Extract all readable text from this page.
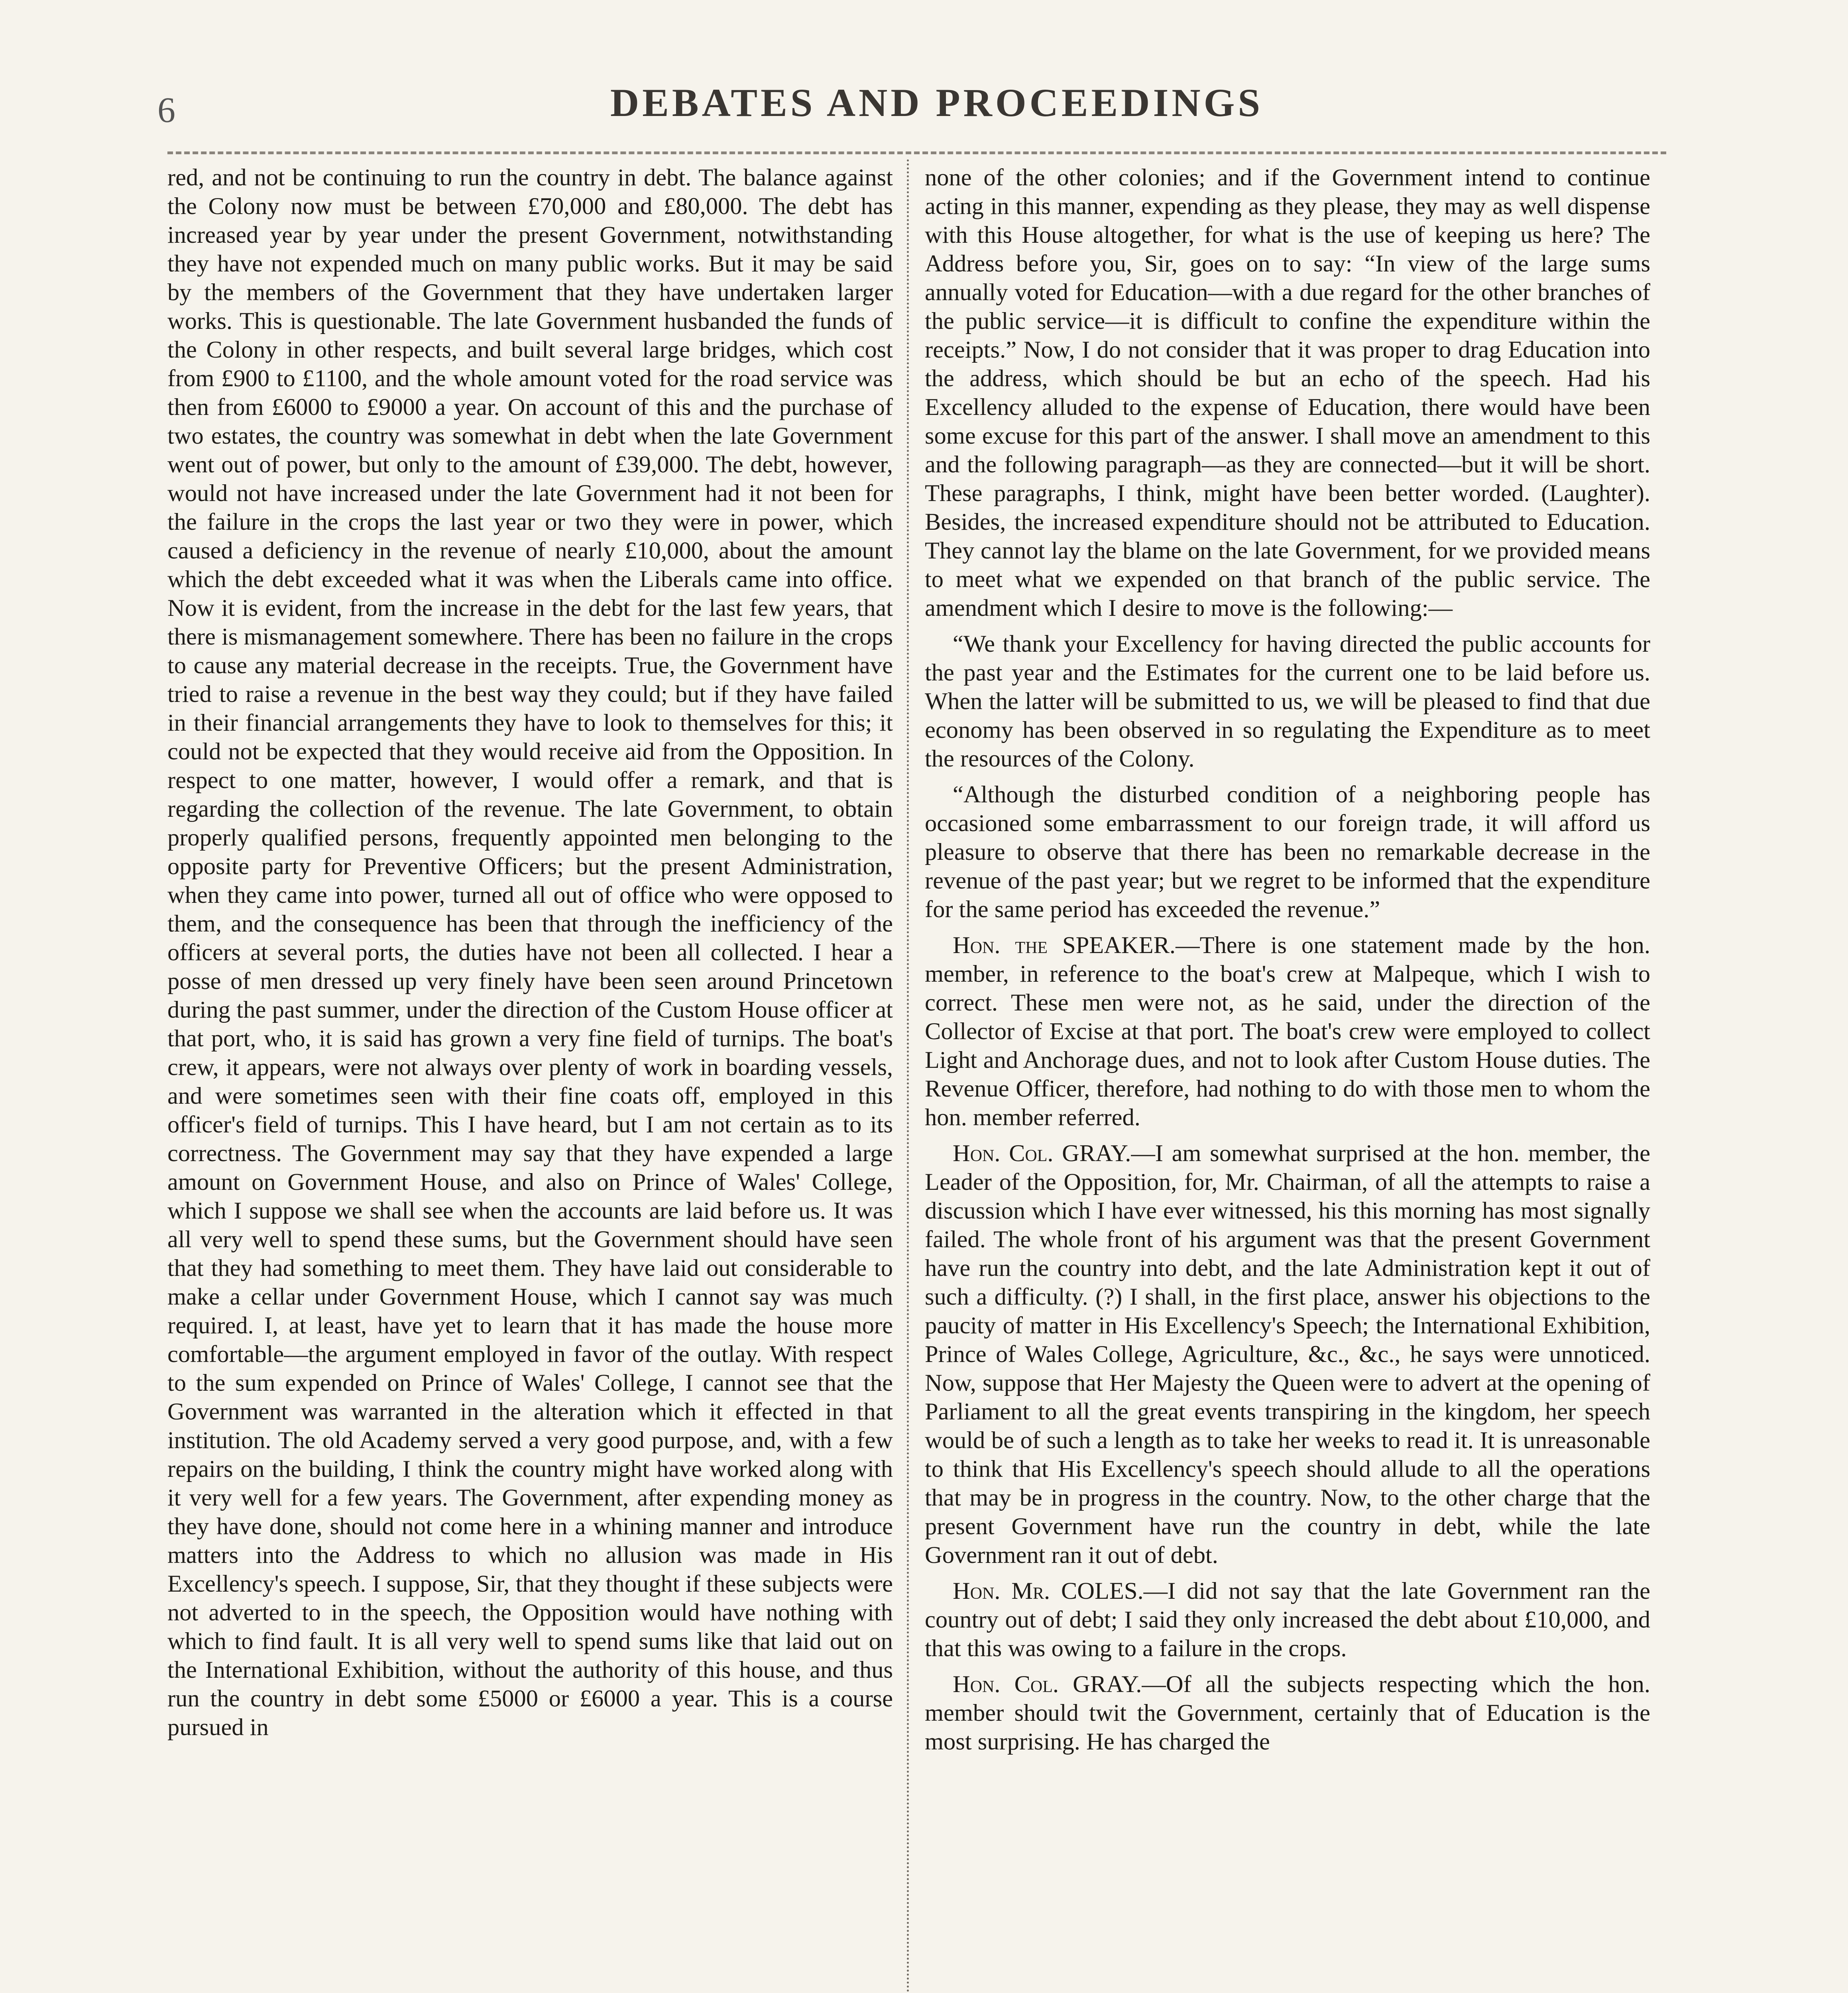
6	DEBATES AND PROCEEDINGS

red, and not be continuing to run the country in debt. The balance against the Colony now must be between £70,000 and £80,000. The debt has increased year by year under the present Government, notwithstanding they have not expended much on many public works. But it may be said by the members of the Government that they have undertaken larger works. This is questionable. The late Government husbanded the funds of the Colony in other respects, and built several large bridges, which cost from £900 to £1100, and the whole amount voted for the road service was then from £6000 to £9000 a year. On account of this and the purchase of two estates, the country was somewhat in debt when the late Government went out of power, but only to the amount of £39,000. The debt, however, would not have increased under the late Government had it not been for the failure in the crops the last year or two they were in power, which caused a deficiency in the revenue of nearly £10,000, about the amount which the debt exceeded what it was when the Liberals came into office. Now it is evident, from the increase in the debt for the last few years, that there is mismanagement somewhere. There has been no failure in the crops to cause any material decrease in the receipts. True, the Government have tried to raise a revenue in the best way they could; but if they have failed in their financial arrangements they have to look to themselves for this; it could not be expected that they would receive aid from the Opposition. In respect to one matter, however, I would offer a remark, and that is regarding the collection of the revenue. The late Government, to obtain properly qualified persons, frequently appointed men belonging to the opposite party for Preventive Officers; but the present Administration, when they came into power, turned all out of office who were opposed to them, and the consequence has been that through the inefficiency of the officers at several ports, the duties have not been all collected. I hear a posse of men dressed up very finely have been seen around Princetown during the past summer, under the direction of the Custom House officer at that port, who, it is said has grown a very fine field of turnips. The boat's crew, it appears, were not always over plenty of work in boarding vessels, and were sometimes seen with their fine coats off, employed in this officer's field of turnips. This I have heard, but I am not certain as to its correctness. The Government may say that they have expended a large amount on Government House, and also on Prince of Wales' College, which I suppose we shall see when the accounts are laid before us. It was all very well to spend these sums, but the Government should have seen that they had something to meet them. They have laid out considerable to make a cellar under Government House, which I cannot say was much required. I, at least, have yet to learn that it has made the house more comfortable—the argument employed in favor of the outlay. With respect to the sum expended on Prince of Wales' College, I cannot see that the Government was warranted in the alteration which it effected in that institution. The old Academy served a very good purpose, and, with a few repairs on the building, I think the country might have worked along with it very well for a few years. The Government, after expending money as they have done, should not come here in a whining manner and introduce matters into the Address to which no allusion was made in His Excellency's speech. I suppose, Sir, that they thought if these subjects were not adverted to in the speech, the Opposition would have nothing with which to find fault. It is all very well to spend sums like that laid out on the International Exhibition, without the authority of this house, and thus run the country in debt some £5000 or £6000 a year. This is a course pursued in

none of the other colonies; and if the Government intend to continue acting in this manner, expending as they please, they may as well dispense with this House altogether, for what is the use of keeping us here? The Address before you, Sir, goes on to say: “In view of the large sums annually voted for Education—with a due regard for the other branches of the public service—it is difficult to confine the expenditure within the receipts.” Now, I do not consider that it was proper to drag Education into the address, which should be but an echo of the speech. Had his Excellency alluded to the expense of Education, there would have been some excuse for this part of the answer. I shall move an amendment to this and the following paragraph—as they are connected—but it will be short. These paragraphs, I think, might have been better worded. (Laughter). Besides, the increased expenditure should not be attributed to Education. They cannot lay the blame on the late Government, for we provided means to meet what we expended on that branch of the public service. The amendment which I desire to move is the following:—

“We thank your Excellency for having directed the public accounts for the past year and the Estimates for the current one to be laid before us. When the latter will be submitted to us, we will be pleased to find that due economy has been observed in so regulating the Expenditure as to meet the resources of the Colony.

“Although the disturbed condition of a neighboring people has occasioned some embarrassment to our foreign trade, it will afford us pleasure to observe that there has been no remarkable decrease in the revenue of the past year; but we regret to be informed that the expenditure for the same period has exceeded the revenue.”

Hon. the SPEAKER.—There is one statement made by the hon. member, in reference to the boat's crew at Malpeque, which I wish to correct. These men were not, as he said, under the direction of the Collector of Excise at that port. The boat's crew were employed to collect Light and Anchorage dues, and not to look after Custom House duties. The Revenue Officer, therefore, had nothing to do with those men to whom the hon. member referred.

Hon. Col. GRAY.—I am somewhat surprised at the hon. member, the Leader of the Opposition, for, Mr. Chairman, of all the attempts to raise a discussion which I have ever witnessed, his this morning has most signally failed. The whole front of his argument was that the present Government have run the country into debt, and the late Administration kept it out of such a difficulty. (?) I shall, in the first place, answer his objections to the paucity of matter in His Excellency's Speech; the International Exhibition, Prince of Wales College, Agriculture, &c., &c., he says were unnoticed. Now, suppose that Her Majesty the Queen were to advert at the opening of Parliament to all the great events transpiring in the kingdom, her speech would be of such a length as to take her weeks to read it. It is unreasonable to think that His Excellency's speech should allude to all the operations that may be in progress in the country. Now, to the other charge that the present Government have run the country in debt, while the late Government ran it out of debt.

Hon. Mr. COLES.—I did not say that the late Government ran the country out of debt; I said they only increased the debt about £10,000, and that this was owing to a failure in the crops.

Hon. Col. GRAY.—Of all the subjects respecting which the hon. member should twit the Government, certainly that of Education is the most surprising. He has charged the
